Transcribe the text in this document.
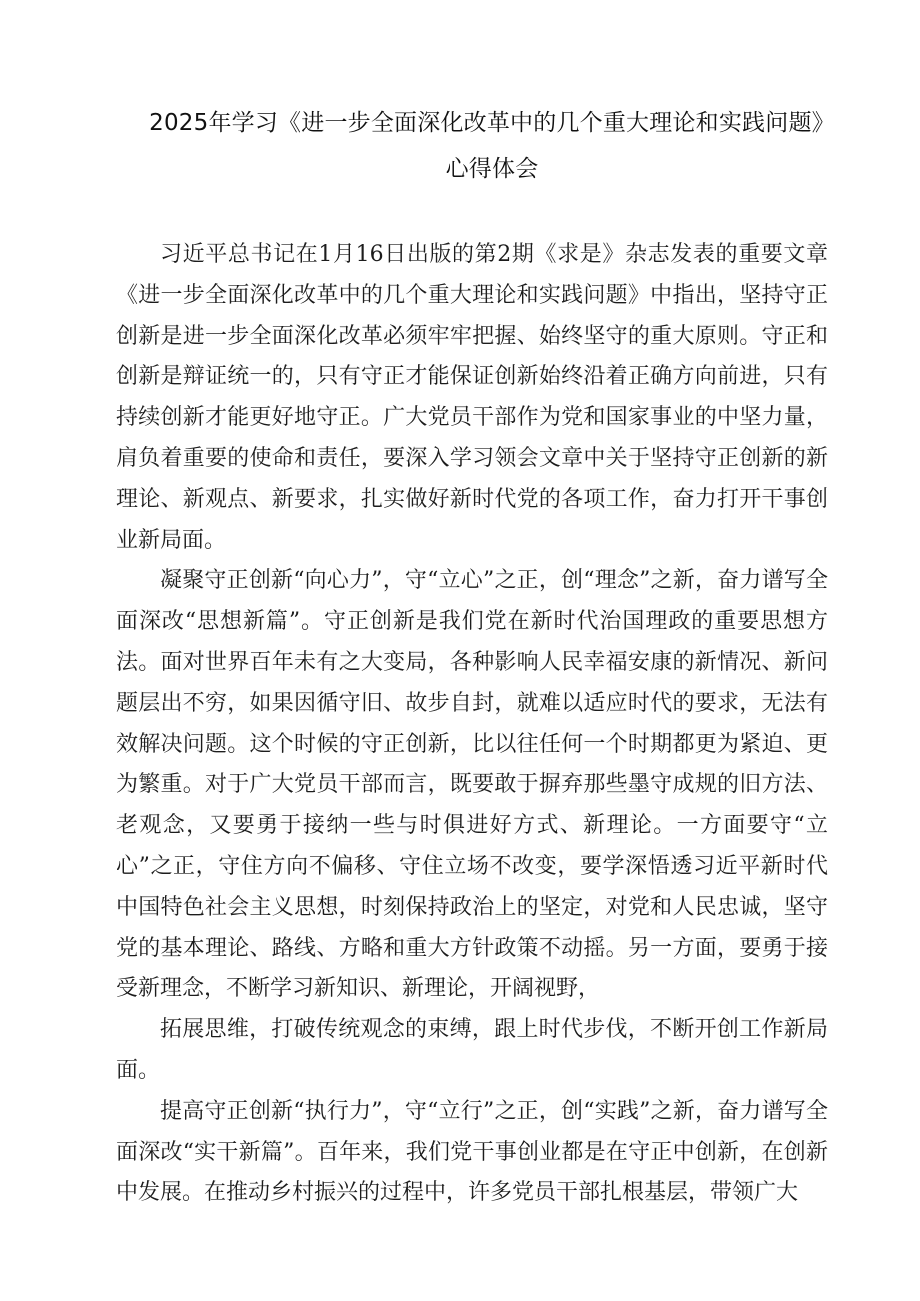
2025年学习《进一步全面深化改革中的几个重大理论和实践问题》
心得体会

习近平总书记在1月16日出版的第2期《求是》杂志发表的重要文章《进一步全面深化改革中的几个重大理论和实践问题》中指出，坚持守正创新是进一步全面深化改革必须牢牢把握、始终坚守的重大原则。守正和创新是辩证统一的，只有守正才能保证创新始终沿着正确方向前进，只有持续创新才能更好地守正。广大党员干部作为党和国家事业的中坚力量，肩负着重要的使命和责任，要深入学习领会文章中关于坚持守正创新的新理论、新观点、新要求，扎实做好新时代党的各项工作，奋力打开干事创业新局面。

凝聚守正创新“向心力”，守“立心”之正，创“理念”之新，奋力谱写全面深改“思想新篇”。守正创新是我们党在新时代治国理政的重要思想方法。面对世界百年未有之大变局，各种影响人民幸福安康的新情况、新问题层出不穷，如果因循守旧、故步自封，就难以适应时代的要求，无法有效解决问题。这个时候的守正创新，比以往任何一个时期都更为紧迫、更为繁重。对于广大党员干部而言，既要敢于摒弃那些墨守成规的旧方法、老观念，又要勇于接纳一些与时俱进好方式、新理论。一方面要守“立心”之正，守住方向不偏移、守住立场不改变，要学深悟透习近平新时代中国特色社会主义思想，时刻保持政治上的坚定，对党和人民忠诚，坚守党的基本理论、路线、方略和重大方针政策不动摇。另一方面，要勇于接受新理念，不断学习新知识、新理论，开阔视野，

拓展思维，打破传统观念的束缚，跟上时代步伐，不断开创工作新局面。

提高守正创新“执行力”，守“立行”之正，创“实践”之新，奋力谱写全面深改“实干新篇”。百年来，我们党干事创业都是在守正中创新，在创新中发展。在推动乡村振兴的过程中，许多党员干部扎根基层，带领广大
